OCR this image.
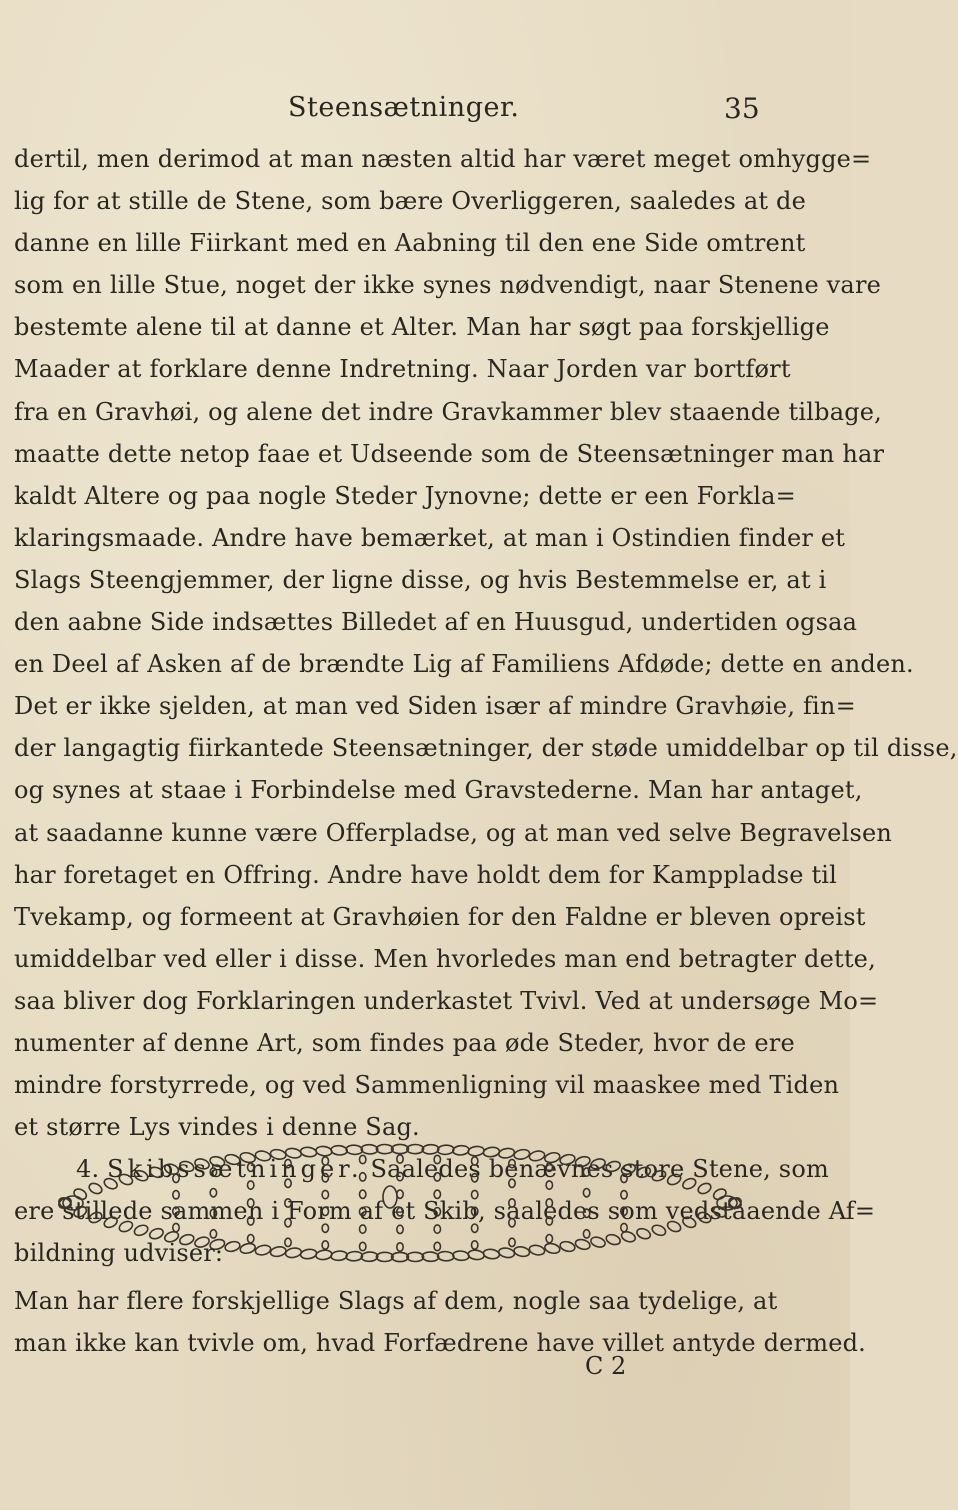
Steensætninger.	35
dertil, men derimod at man næsten altid har været meget omhygge=
lig for at stille de Stene, som bære Overliggeren, saaledes at de
danne en lille Fiirkant med en Aabning til den ene Side omtrent
som en lille Stue, noget der ikke synes nødvendigt, naar Stenene vare
bestemte alene til at danne et Alter. Man har søgt paa forskjellige
Maader at forklare denne Indretning. Naar Jorden var bortført
fra en Gravhøi, og alene det indre Gravkammer blev staaende tilbage,
maatte dette netop faae et Udseende som de Steensætninger man har
kaldt Altere og paa nogle Steder Jynovne; dette er een Forkla=
klaringsmaade. Andre have bemærket, at man i Ostindien finder et
Slags Steengjemmer, der ligne disse, og hvis Bestemmelse er, at i
den aabne Side indsættes Billedet af en Huusgud, undertiden ogsaa
en Deel af Asken af de brændte Lig af Familiens Afdøde; dette en anden.
Det er ikke sjelden, at man ved Siden især af mindre Gravhøie, fin=
der langagtig fiirkantede Steensætninger, der støde umiddelbar op til disse,
og synes at staae i Forbindelse med Gravstederne. Man har antaget,
at saadanne kunne være Offerpladse, og at man ved selve Begravelsen
har foretaget en Offring. Andre have holdt dem for Kamppladse til
Tvekamp, og formeent at Gravhøien for den Faldne er bleven opreist
umiddelbar ved eller i disse. Men hvorledes man end betragter dette,
saa bliver dog Forklaringen underkastet Tvivl. Ved at undersøge Mo=
numenter af denne Art, som findes paa øde Steder, hvor de ere
mindre forstyrrede, og ved Sammenligning vil maaskee med Tiden
et større Lys vindes i denne Sag.
4. Skibssætninger. Saaledes benævnes store Stene, som
ere stillede sammen i Form af et Skib, saaledes som vedstaaende Af=
bildning udviser:
Man har flere forskjellige Slags af dem, nogle saa tydelige, at
man ikke kan tvivle om, hvad Forfædrene have villet antyde dermed.
C 2
